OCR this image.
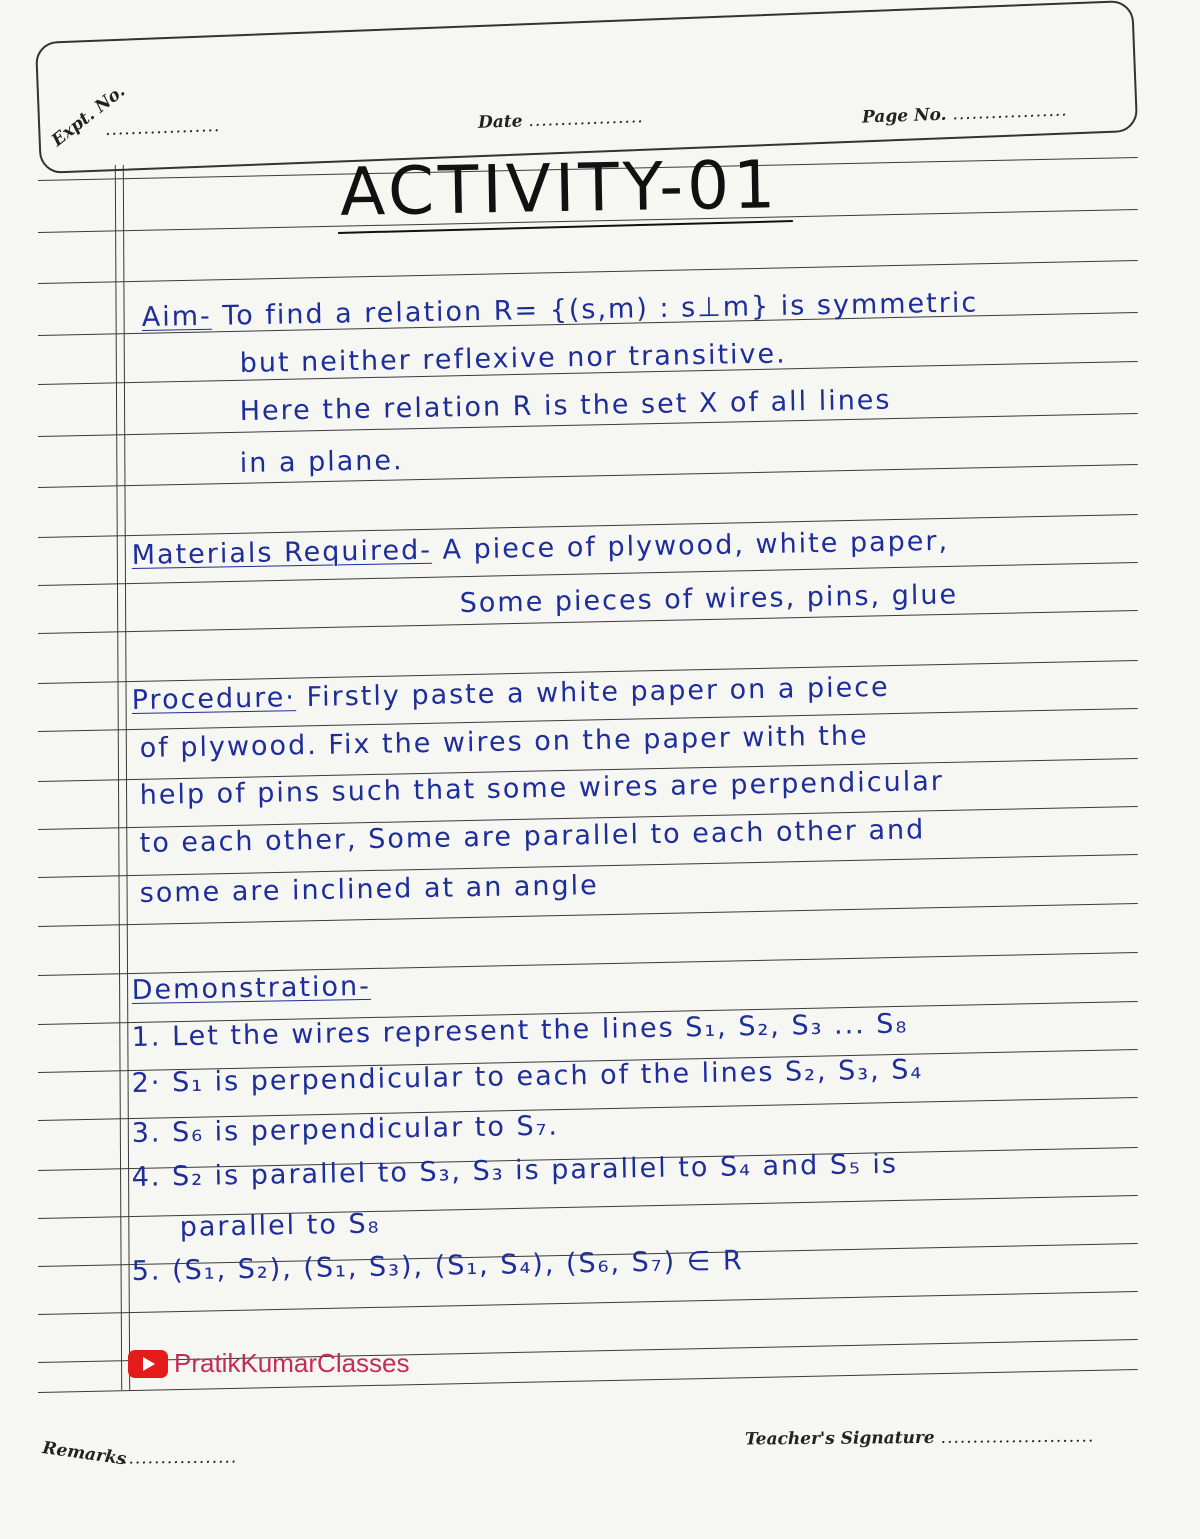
Expt. No.
..................	Date ..................	Page No. ..................
ACTIVITY-01
Aim- To find a relation R= {(s,m) : s⊥m} is symmetric
but neither reflexive nor transitive.
Here the relation R is the set X of all lines
in a plane.
Materials Required- A piece of plywood, white paper,
Some pieces of wires, pins, glue
Procedure· Firstly paste a white paper on a piece
of plywood. Fix the wires on the paper with the
help of pins such that some wires are perpendicular
to each other, Some are parallel to each other and
some are inclined at an angle
Demonstration-
1. Let the wires represent the lines S₁, S₂, S₃ ... S₈
2· S₁ is perpendicular to each of the lines S₂, S₃, S₄
3. S₆ is perpendicular to S₇.
4. S₂ is parallel to S₃, S₃ is parallel to S₄ and S₅ is
parallel to S₈
5. (S₁, S₂), (S₁, S₃), (S₁, S₄), (S₆, S₇) ∈ R
PratikKumarClasses
Remarks
..................
Teacher's Signature ........................
